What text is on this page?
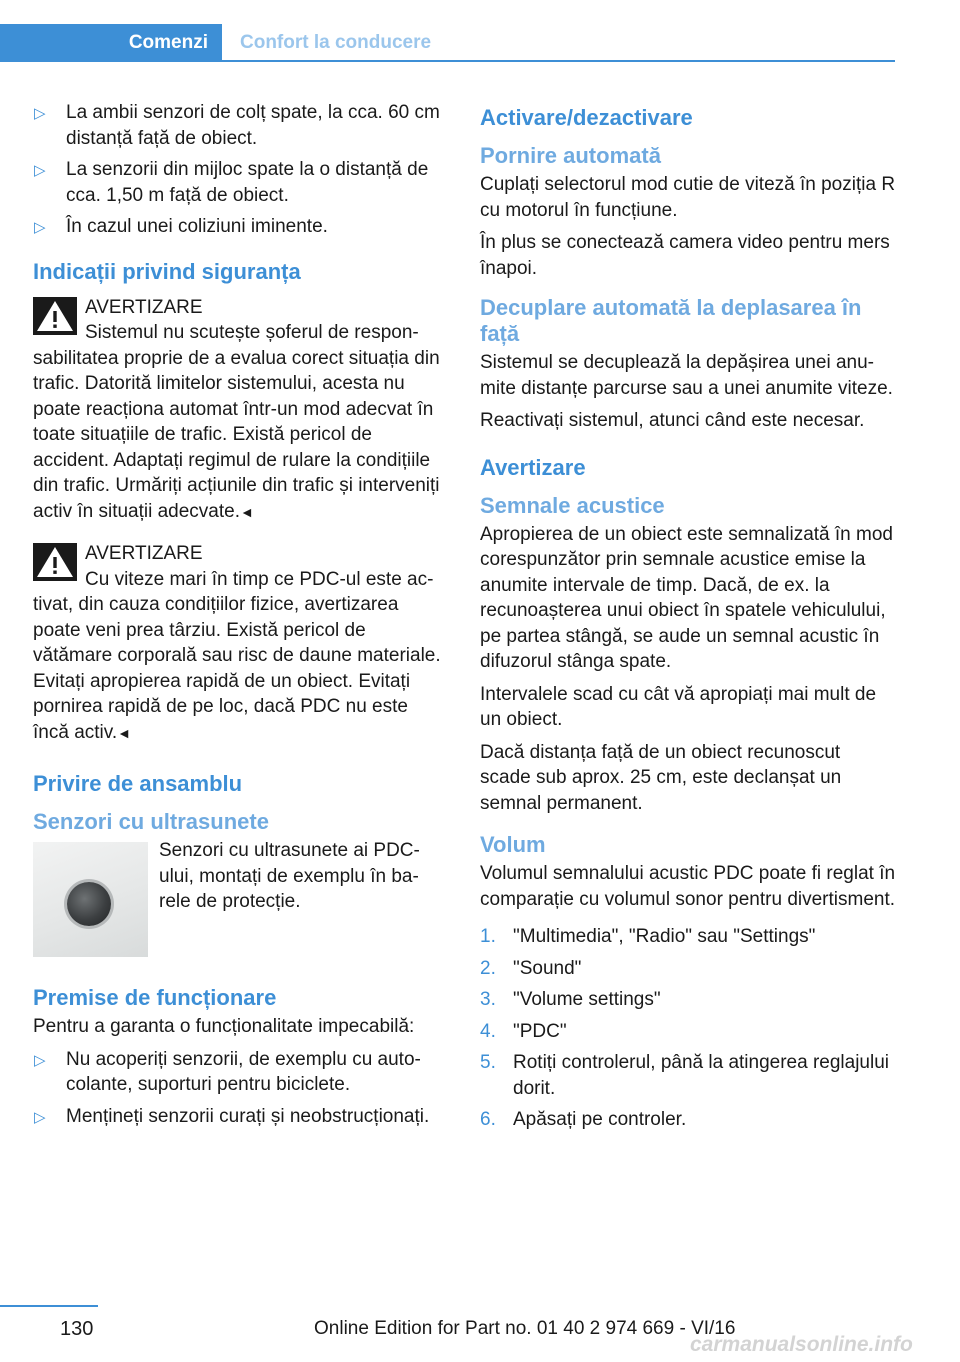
Comenzi	Confort la conducere
▷ La ambii senzori de colț spate, la cca. 60 cm distanță față de obiect.
▷ La senzorii din mijloc spate la o distanță de cca. 1,50 m față de obiect.
▷ În cazul unei coliziuni iminente.
Indicații privind siguranța
AVERTIZARE
Sistemul nu scutește șoferul de responsabilitatea proprie de a evalua corect situația din trafic. Datorită limitelor sistemului, acesta nu poate reacționa automat într-un mod adecvat în toate situațiile de trafic. Există pericol de accident. Adaptați regimul de rulare la condițiile din trafic. Urmăriți acțiunile din trafic și interveniți activ în situații adecvate.◄
AVERTIZARE
Cu viteze mari în timp ce PDC-ul este activat, din cauza condițiilor fizice, avertizarea poate veni prea târziu. Există pericol de vătămare corporală sau risc de daune materiale. Evitați apropierea rapidă de un obiect. Evitați pornirea rapidă de pe loc, dacă PDC nu este încă activ.◄
Privire de ansamblu
Senzori cu ultrasunete
Senzori cu ultrasunete ai PDC-ului, montați de exemplu în barele de protecție.
Premise de funcționare
Pentru a garanta o funcționalitate impecabilă:
▷ Nu acoperiți senzorii, de exemplu cu autocolante, suporturi pentru biciclete.
▷ Mențineți senzorii curați și neobstrucționați.
Activare/dezactivare
Pornire automată
Cuplați selectorul mod cutie de viteză în poziția R cu motorul în funcțiune.
În plus se conectează camera video pentru mers înapoi.
Decuplare automată la deplasarea în față
Sistemul se decuplează la depășirea unei anumite distanțe parcurse sau a unei anumite viteze.
Reactivați sistemul, atunci când este necesar.
Avertizare
Semnale acustice
Apropierea de un obiect este semnalizată în mod corespunzător prin semnale acustice emise la anumite intervale de timp. Dacă, de ex. la recunoașterea unui obiect în spatele vehiculului, pe partea stângă, se aude un semnal acustic în difuzorul stânga spate.
Intervalele scad cu cât vă apropiați mai mult de un obiect.
Dacă distanța față de un obiect recunoscut scade sub aprox. 25 cm, este declanșat un semnal permanent.
Volum
Volumul semnalului acustic PDC poate fi reglat în comparație cu volumul sonor pentru divertisment.
1. "Multimedia", "Radio" sau "Settings"
2. "Sound"
3. "Volume settings"
4. "PDC"
5. Rotiți controlerul, până la atingerea reglajului dorit.
6. Apăsați pe controler.
130	Online Edition for Part no. 01 40 2 974 669 - VI/16
carmanualsonline.info
